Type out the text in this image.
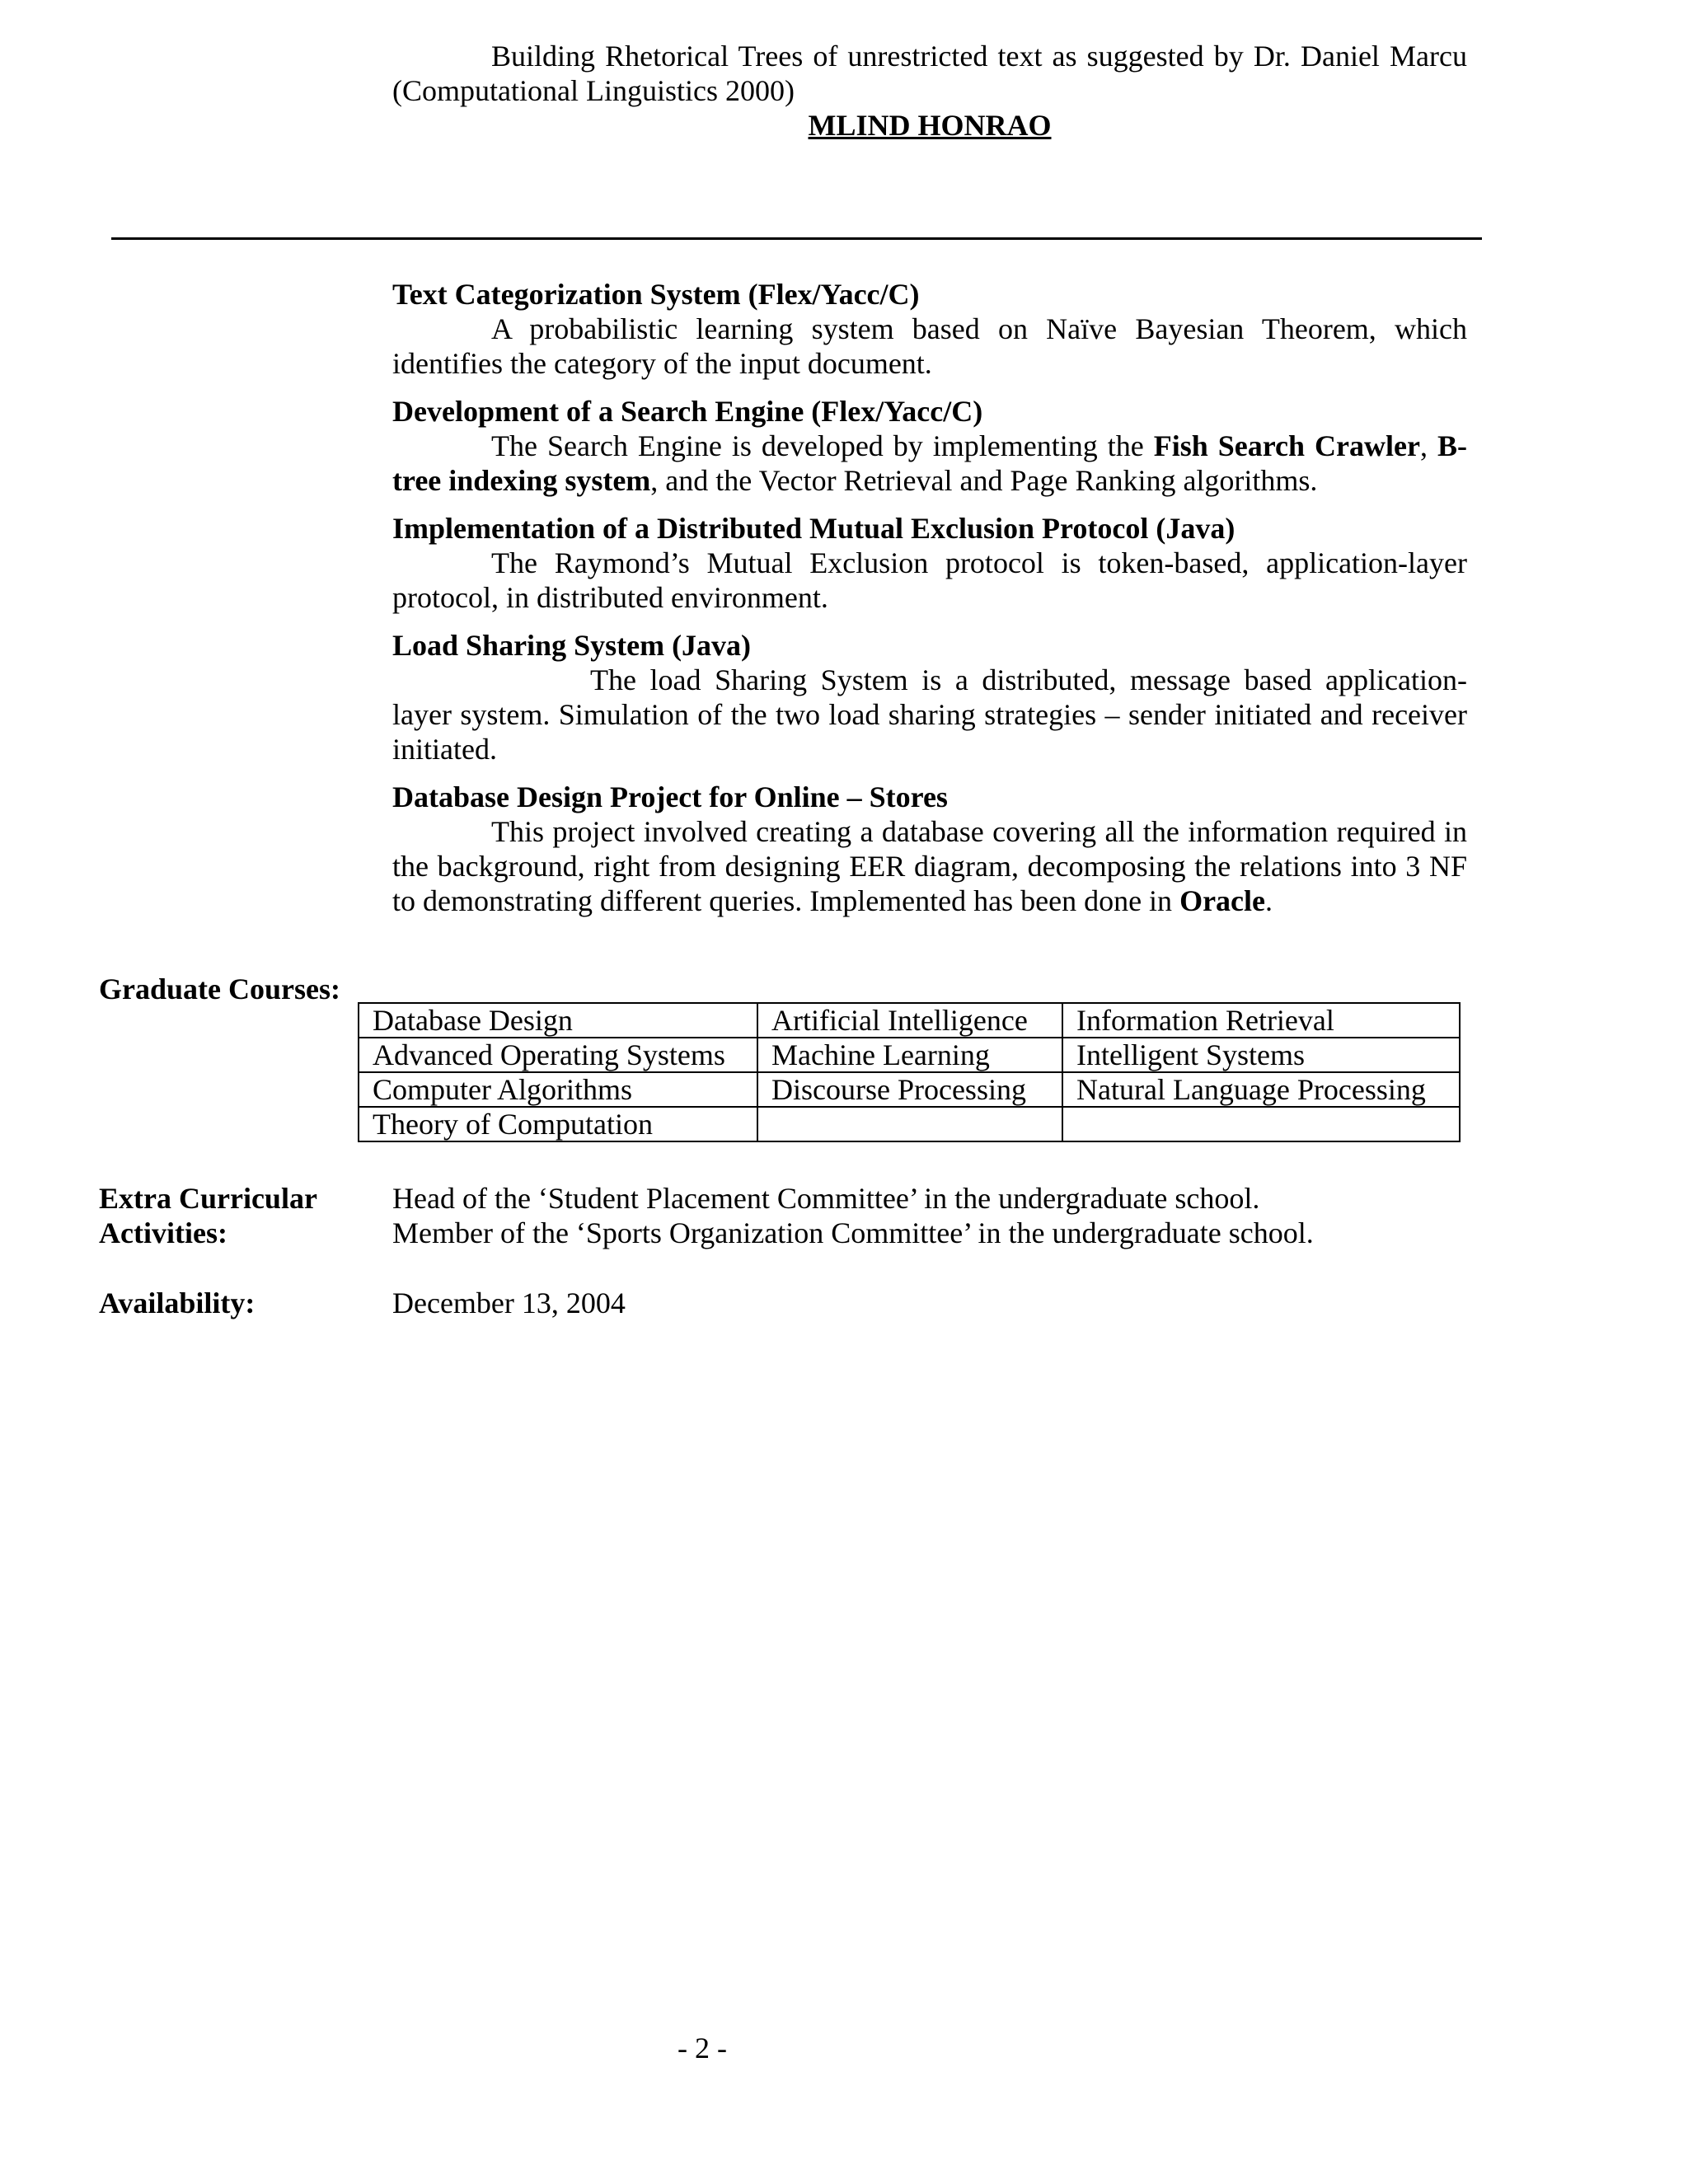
Building Rhetorical Trees of unrestricted text as suggested by Dr. Daniel Marcu (Computational Linguistics 2000)

MLIND HONRAO

Text Categorization System (Flex/Yacc/C)

A probabilistic learning system based on Naïve Bayesian Theorem, which identifies the category of the input document.

Development of a Search Engine (Flex/Yacc/C)

The Search Engine is developed by implementing the Fish Search Crawler, B-tree indexing system, and the Vector Retrieval and Page Ranking algorithms.

Implementation of a Distributed Mutual Exclusion Protocol (Java)

The Raymond’s Mutual Exclusion protocol is token-based, application-layer protocol, in distributed environment.

Load Sharing System (Java)

The load Sharing System is a distributed, message based application-layer system. Simulation of the two load sharing strategies – sender initiated and receiver initiated.

Database Design Project for Online – Stores

This project involved creating a database covering all the information required in the background, right from designing EER diagram, decomposing the relations into 3 NF to demonstrating different queries. Implemented has been done in Oracle.

Graduate Courses:

Database Design	Artificial Intelligence	Information Retrieval
Advanced Operating Systems	Machine Learning	Intelligent Systems
Computer Algorithms	Discourse Processing	Natural Language Processing
Theory of Computation		
Extra Curricular
Activities:

Head of the ‘Student Placement Committee’ in the undergraduate school.

Member of the ‘Sports Organization Committee’ in the undergraduate school.

Availability:	December 13, 2004

- 2 -
